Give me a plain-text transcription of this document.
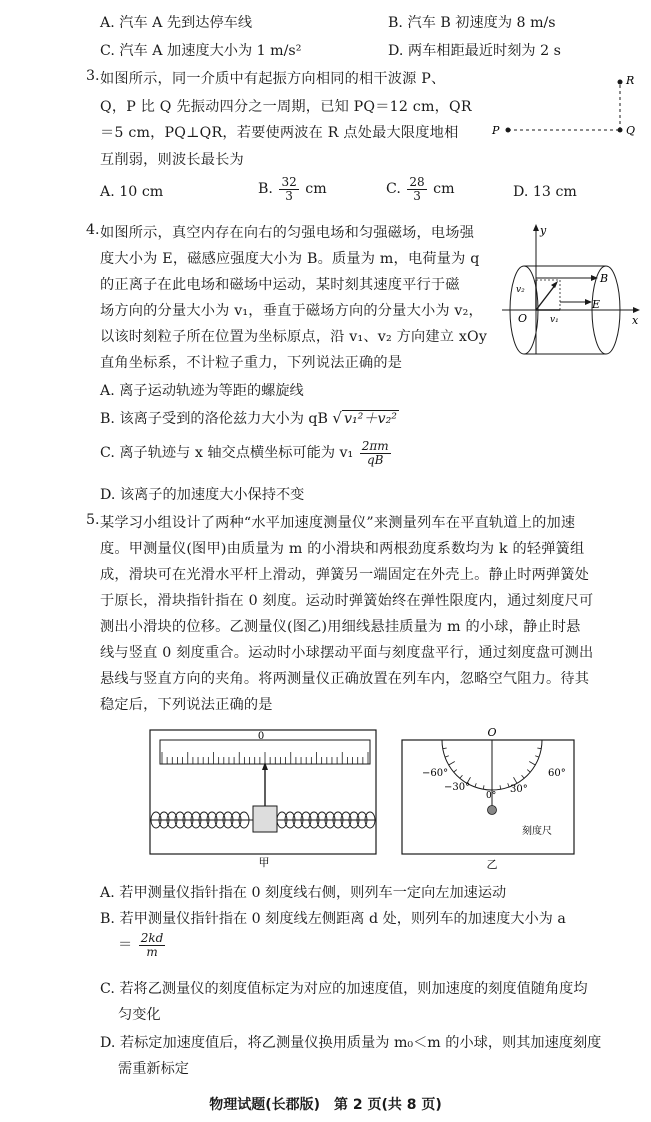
A. 汽车 A 先到达停车线	B. 汽车 B 初速度为 8 m/s
C. 汽车 A 加速度大小为 1 m/s²	D. 两车相距最近时刻为 2 s
3. 如图所示，同一介质中有起振方向相同的相干波源 P、
Q，P 比 Q 先振动四分之一周期，已知 PQ＝12 cm，QR
＝5 cm，PQ⊥QR，若要使两波在 R 点处最大限度地相
互削弱，则波长最长为
P	Q
R
A. 10 cm	B. $\frac{32}{3}$ cm	C. $\frac{28}{3}$ cm	D. 13 cm
4. 如图所示，真空内存在向右的匀强电场和匀强磁场，电场强
度大小为 E，磁感应强度大小为 B。质量为 m，电荷量为 q
的正离子在此电场和磁场中运动，某时刻其速度平行于磁
场方向的分量大小为 v₁，垂直于磁场方向的分量大小为 v₂，
以该时刻粒子所在位置为坐标原点，沿 v₁、v₂ 方向建立 xOy
直角坐标系，不计粒子重力，下列说法正确的是
y
x
O
B
E
v₂
v₁
A. 离子运动轨迹为等距的螺旋线
B. 该离子受到的洛伦兹力大小为 qB √ v₁²＋v₂²
C. 离子轨迹与 x 轴交点横坐标可能为 $v_1 \frac{2\pi m}{qB}$
D. 该离子的加速度大小保持不变
5. 某学习小组设计了两种“水平加速度测量仪”来测量列车在平直轨道上的加速
度。甲测量仪(图甲)由质量为 m 的小滑块和两根劲度系数均为 k 的轻弹簧组
成，滑块可在光滑水平杆上滑动，弹簧另一端固定在外壳上。静止时两弹簧处
于原长，滑块指针指在 0 刻度。运动时弹簧始终在弹性限度内，通过刻度尺可
测出小滑块的位移。乙测量仪(图乙)用细线悬挂质量为 m 的小球，静止时悬
线与竖直 0 刻度重合。运动时小球摆动平面与刻度盘平行，通过刻度盘可测出
悬线与竖直方向的夹角。将两测量仪正确放置在列车内，忽略空气阻力。待其
稳定后，下列说法正确的是
0
甲
O
−60°	60°
−30°	30°
0°
刻度尺
乙
A. 若甲测量仪指针指在 0 刻度线右侧，则列车一定向左加速运动
B. 若甲测量仪指针指在 0 刻度线左侧距离 d 处，则列车的加速度大小为 a
＝ $\frac{2kd}{m}$
C. 若将乙测量仪的刻度值标定为对应的加速度值，则加速度的刻度值随角度均
匀变化
D. 若标定加速度值后，将乙测量仪换用质量为 m₀＜m 的小球，则其加速度刻度
需重新标定
物理试题(长郡版)　第 2 页(共 8 页)
